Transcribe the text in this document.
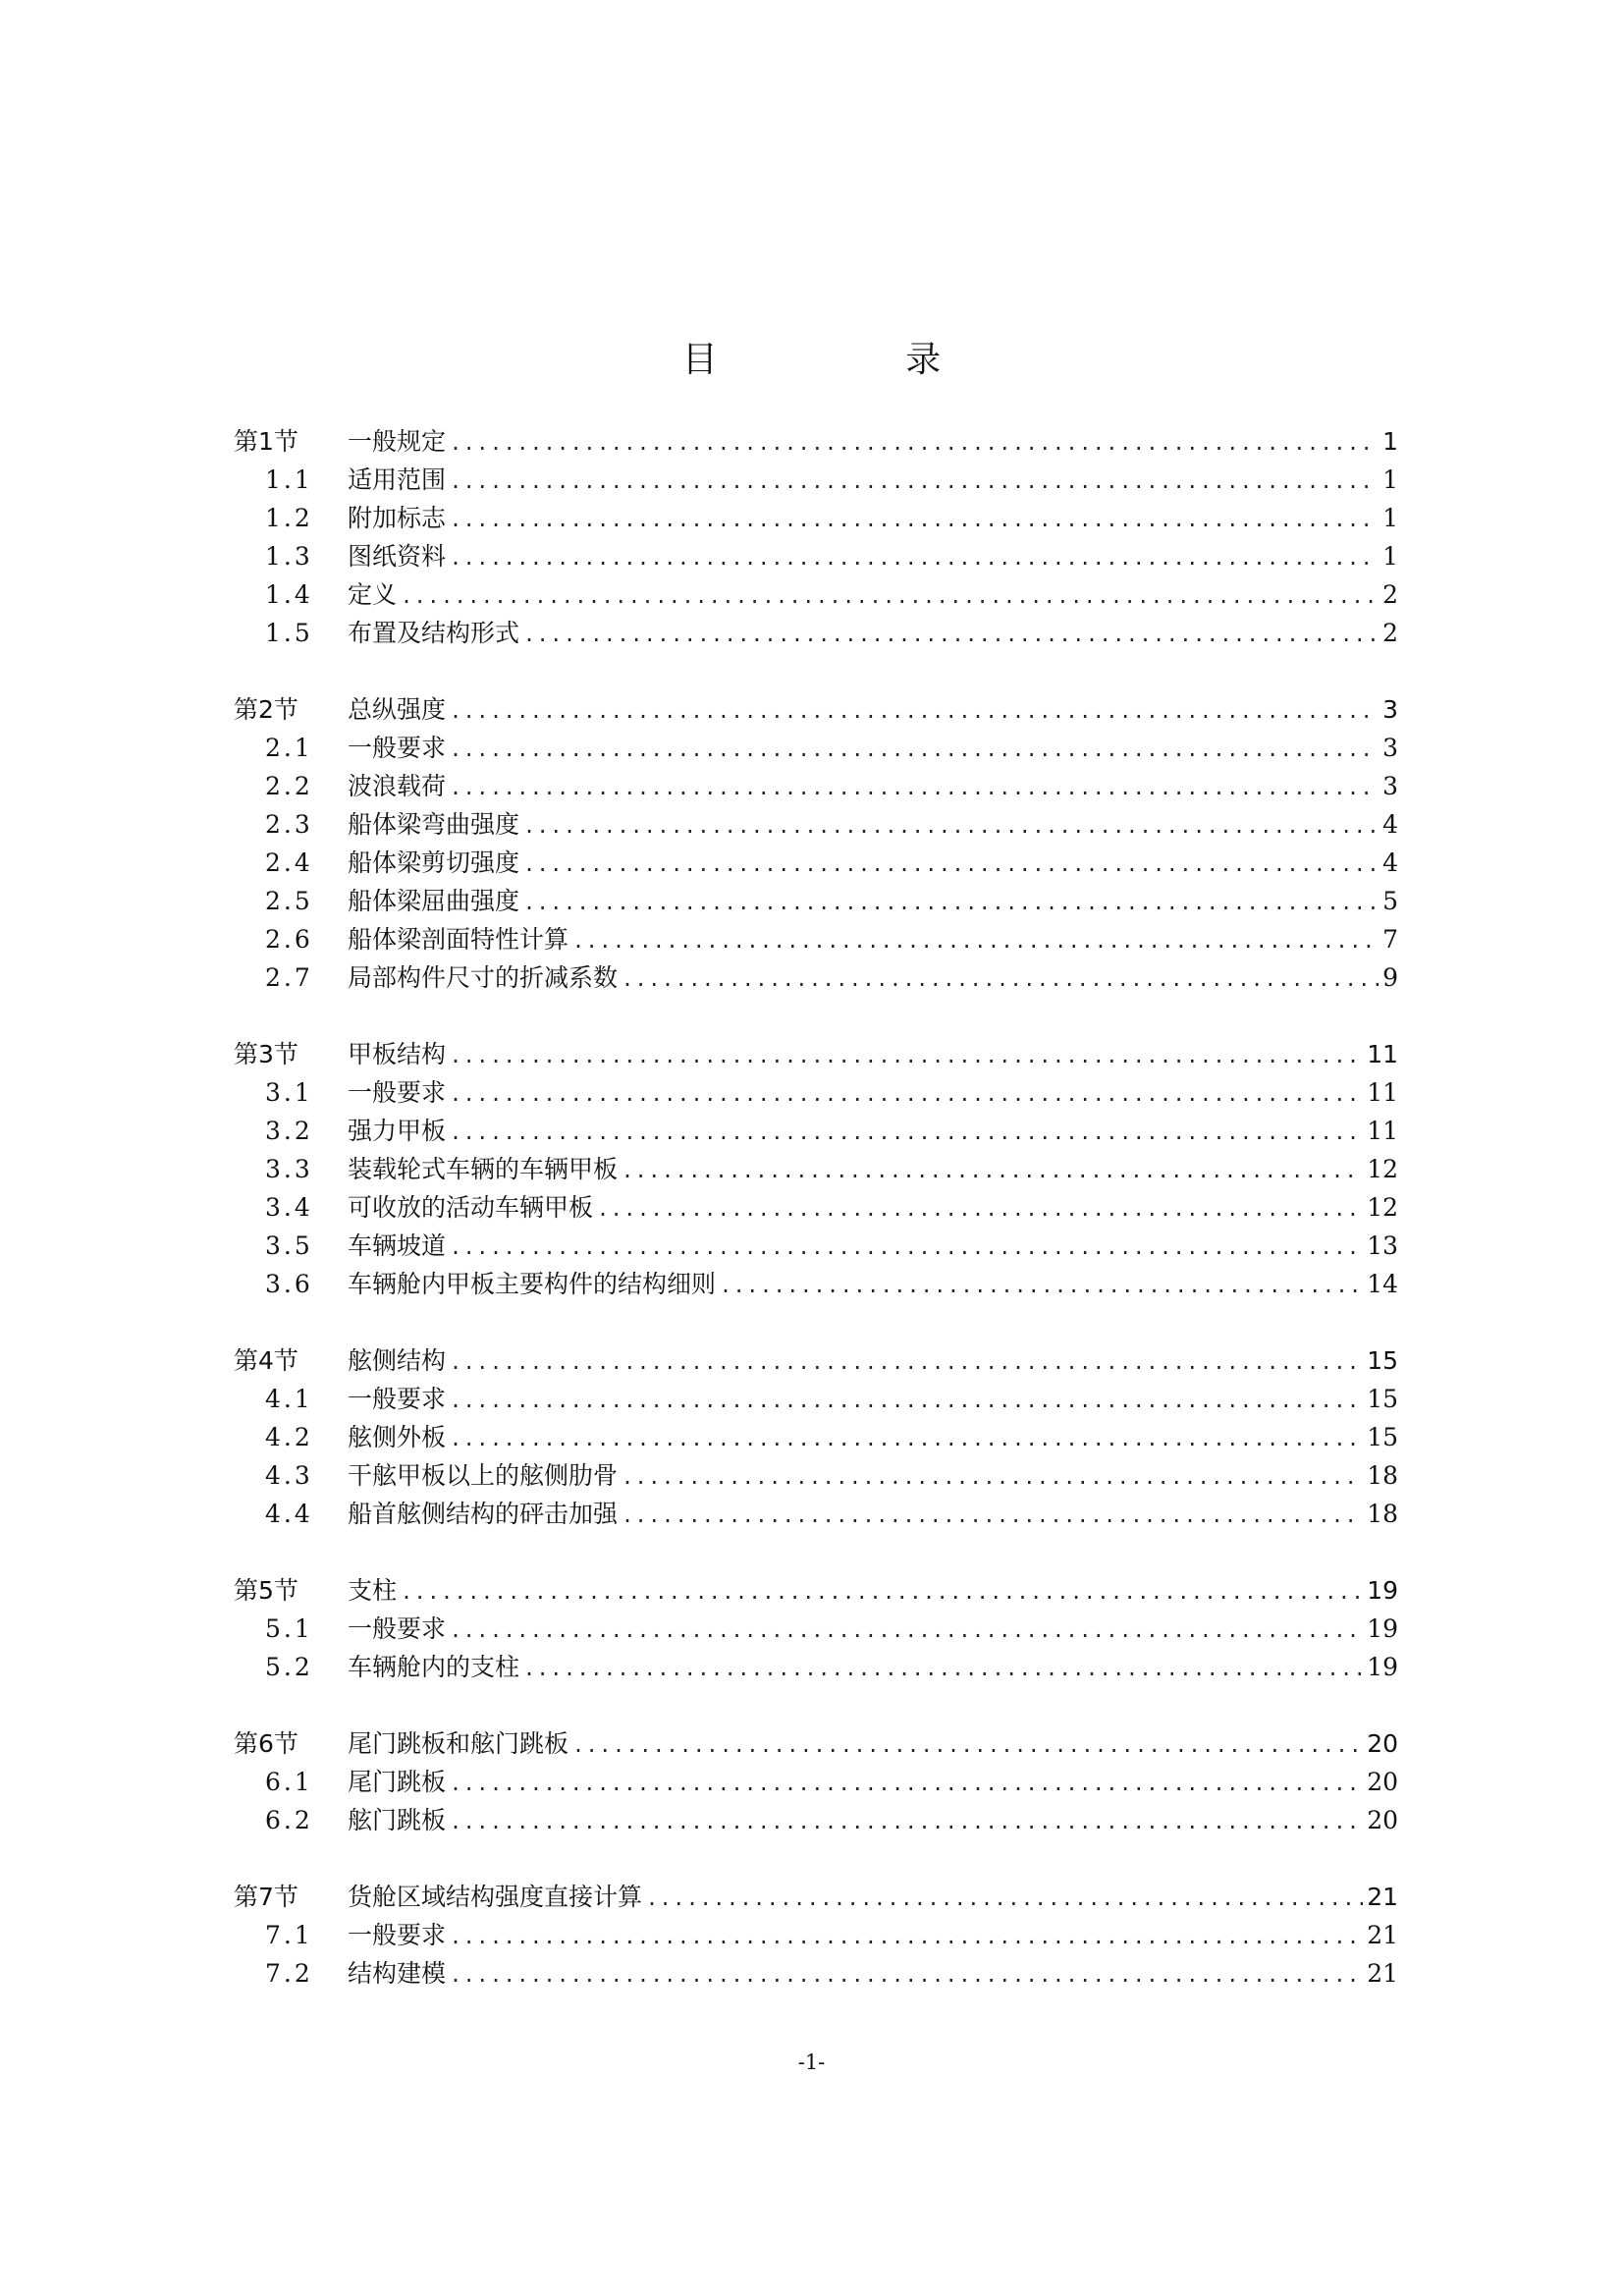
目 录
第1节	一般规定 .....	1
1.1	适用范围 .....	1
1.2	附加标志 .....	1
1.3	图纸资料 .....	1
1.4	定义 .....	2
1.5	布置及结构形式 .....	2
第2节	总纵强度 .....	3
2.1	一般要求 .....	3
2.2	波浪载荷 .....	3
2.3	船体梁弯曲强度 .....	4
2.4	船体梁剪切强度 .....	4
2.5	船体梁屈曲强度 .....	5
2.6	船体梁剖面特性计算 .....	7
2.7	局部构件尺寸的折减系数 .....	9
第3节	甲板结构 .....	11
3.1	一般要求 .....	11
3.2	强力甲板 .....	11
3.3	装载轮式车辆的车辆甲板 .....	12
3.4	可收放的活动车辆甲板 .....	12
3.5	车辆坡道 .....	13
3.6	车辆舱内甲板主要构件的结构细则 .....	14
第4节	舷侧结构 .....	15
4.1	一般要求 .....	15
4.2	舷侧外板 .....	15
4.3	干舷甲板以上的舷侧肋骨 .....	18
4.4	船首舷侧结构的砰击加强 .....	18
第5节	支柱 .....	19
5.1	一般要求 .....	19
5.2	车辆舱内的支柱 .....	19
第6节	尾门跳板和舷门跳板 .....	20
6.1	尾门跳板 .....	20
6.2	舷门跳板 .....	20
第7节	货舱区域结构强度直接计算 .....	21
7.1	一般要求 .....	21
7.2	结构建模 .....	21
-1-
